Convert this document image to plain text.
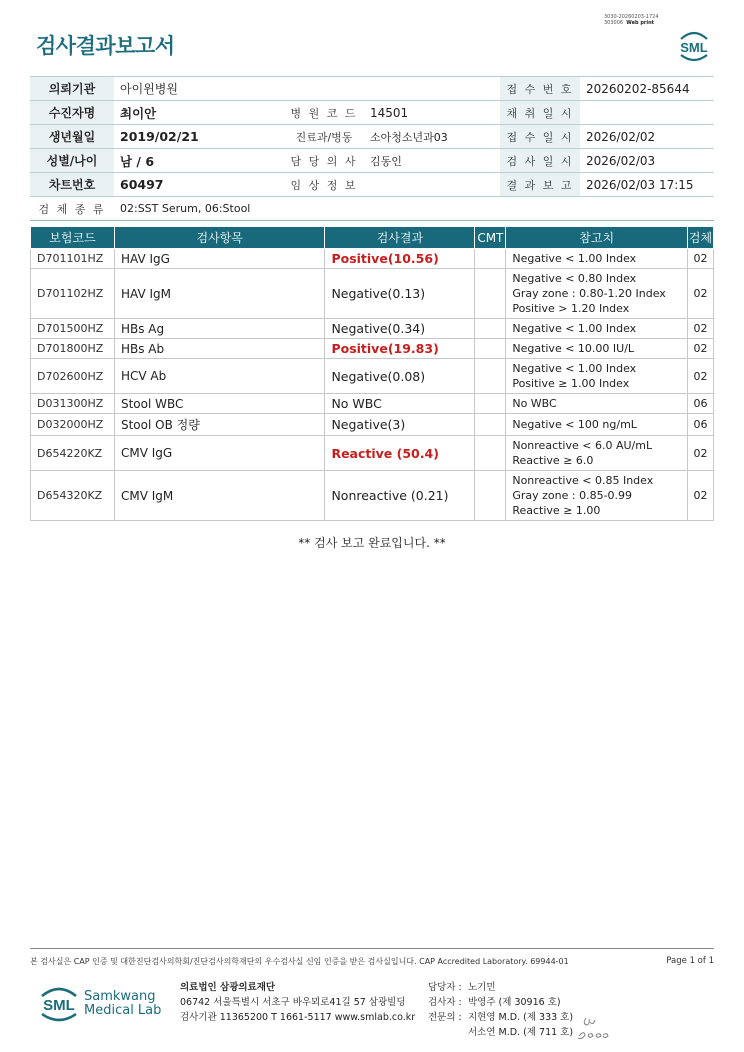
검사결과보고서
3030-20260203-1724
303006 Web print
SML
의뢰기관	아이윈병원			접 수 번 호	20260202-85644
수진자명	최이안	병 원 코 드	14501	채 취 일 시	
생년월일	2019/02/21	진료과/병동	소아청소년과03	접 수 일 시	2026/02/02
성별/나이	남 / 6	담 당 의 사	김동인	검 사 일 시	2026/02/03
차트번호	60497	임 상 정 보		결 과 보 고	2026/02/03 17:15
검 체 종 류	02:SST Serum, 06:Stool				
보험코드	검사항목	검사결과	CMT	참고치	검체
D701101HZ	HAV IgG	Positive(10.56)		Negative < 1.00 Index	02
D701102HZ	HAV IgM	Negative(0.13)		Negative < 0.80 Index
Gray zone : 0.80-1.20 Index
Positive > 1.20 Index	02
D701500HZ	HBs Ag	Negative(0.34)		Negative < 1.00 Index	02
D701800HZ	HBs Ab	Positive(19.83)		Negative < 10.00 IU/L	02
D702600HZ	HCV Ab	Negative(0.08)		Negative < 1.00 Index
Positive ≥ 1.00 Index	02
D031300HZ	Stool WBC	No WBC		No WBC	06
D032000HZ	Stool OB 정량	Negative(3)		Negative < 100 ng/mL	06
D654220KZ	CMV IgG	Reactive (50.4)		Nonreactive < 6.0 AU/mL
Reactive ≥ 6.0	02
D654320KZ	CMV IgM	Nonreactive (0.21)		Nonreactive < 0.85 Index
Gray zone : 0.85-0.99
Reactive ≥ 1.00	02
** 검사 보고 완료입니다. **
본 검사실은 CAP 인증 및 대한진단검사의학회/진단검사의학재단의 우수검사실 신임 인증을 받은 검사실입니다. CAP Accredited Laboratory. 69944-01	Page 1 of 1
SML
Samkwang
Medical Lab
의료법인 삼광의료재단
06742 서울특별시 서초구 바우뫼로41길 57 삼광빌딩
검사기관 11365200 T 1661-5117 www.smlab.co.kr
담당자 : 노기민
검사자 : 박영주 (제 30916 호)
전문의 : 지현영 M.D. (제 333 호)
서소연 M.D. (제 711 호)
